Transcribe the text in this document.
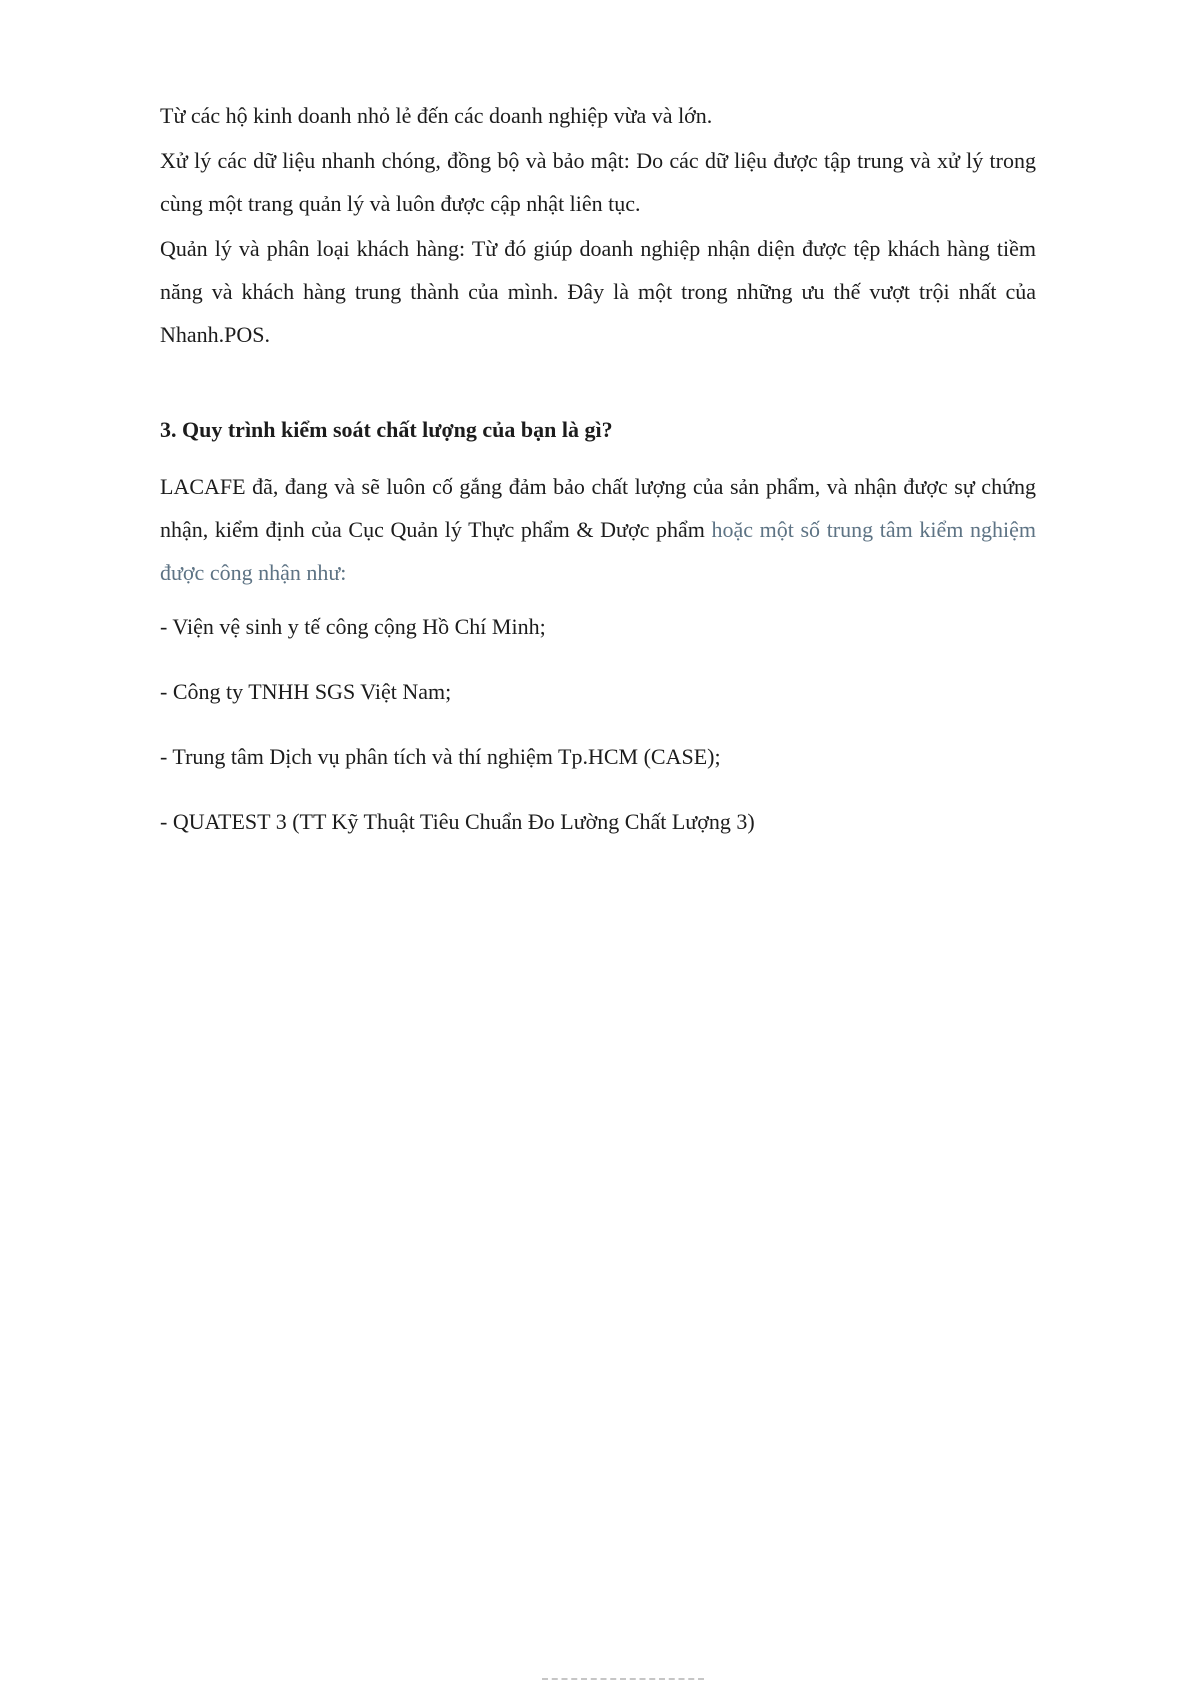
Từ các hộ kinh doanh nhỏ lẻ đến các doanh nghiệp vừa và lớn.

Xử lý các dữ liệu nhanh chóng, đồng bộ và bảo mật: Do các dữ liệu được tập trung và xử lý trong cùng một trang quản lý và luôn được cập nhật liên tục.

Quản lý và phân loại khách hàng: Từ đó giúp doanh nghiệp nhận diện được tệp khách hàng tiềm năng và khách hàng trung thành của mình. Đây là một trong những ưu thế vượt trội nhất của Nhanh.POS.

3. Quy trình kiểm soát chất lượng của bạn là gì?

LACAFE đã, đang và sẽ luôn cố gắng đảm bảo chất lượng của sản phẩm, và nhận được sự chứng nhận, kiểm định của Cục Quản lý Thực phẩm & Dược phẩm hoặc một số trung tâm kiểm nghiệm được công nhận như:

- Viện vệ sinh y tế công cộng Hồ Chí Minh;

- Công ty TNHH SGS Việt Nam;

- Trung tâm Dịch vụ phân tích và thí nghiệm Tp.HCM (CASE);

- QUATEST 3 (TT Kỹ Thuật Tiêu Chuẩn Đo Lường Chất Lượng 3)
